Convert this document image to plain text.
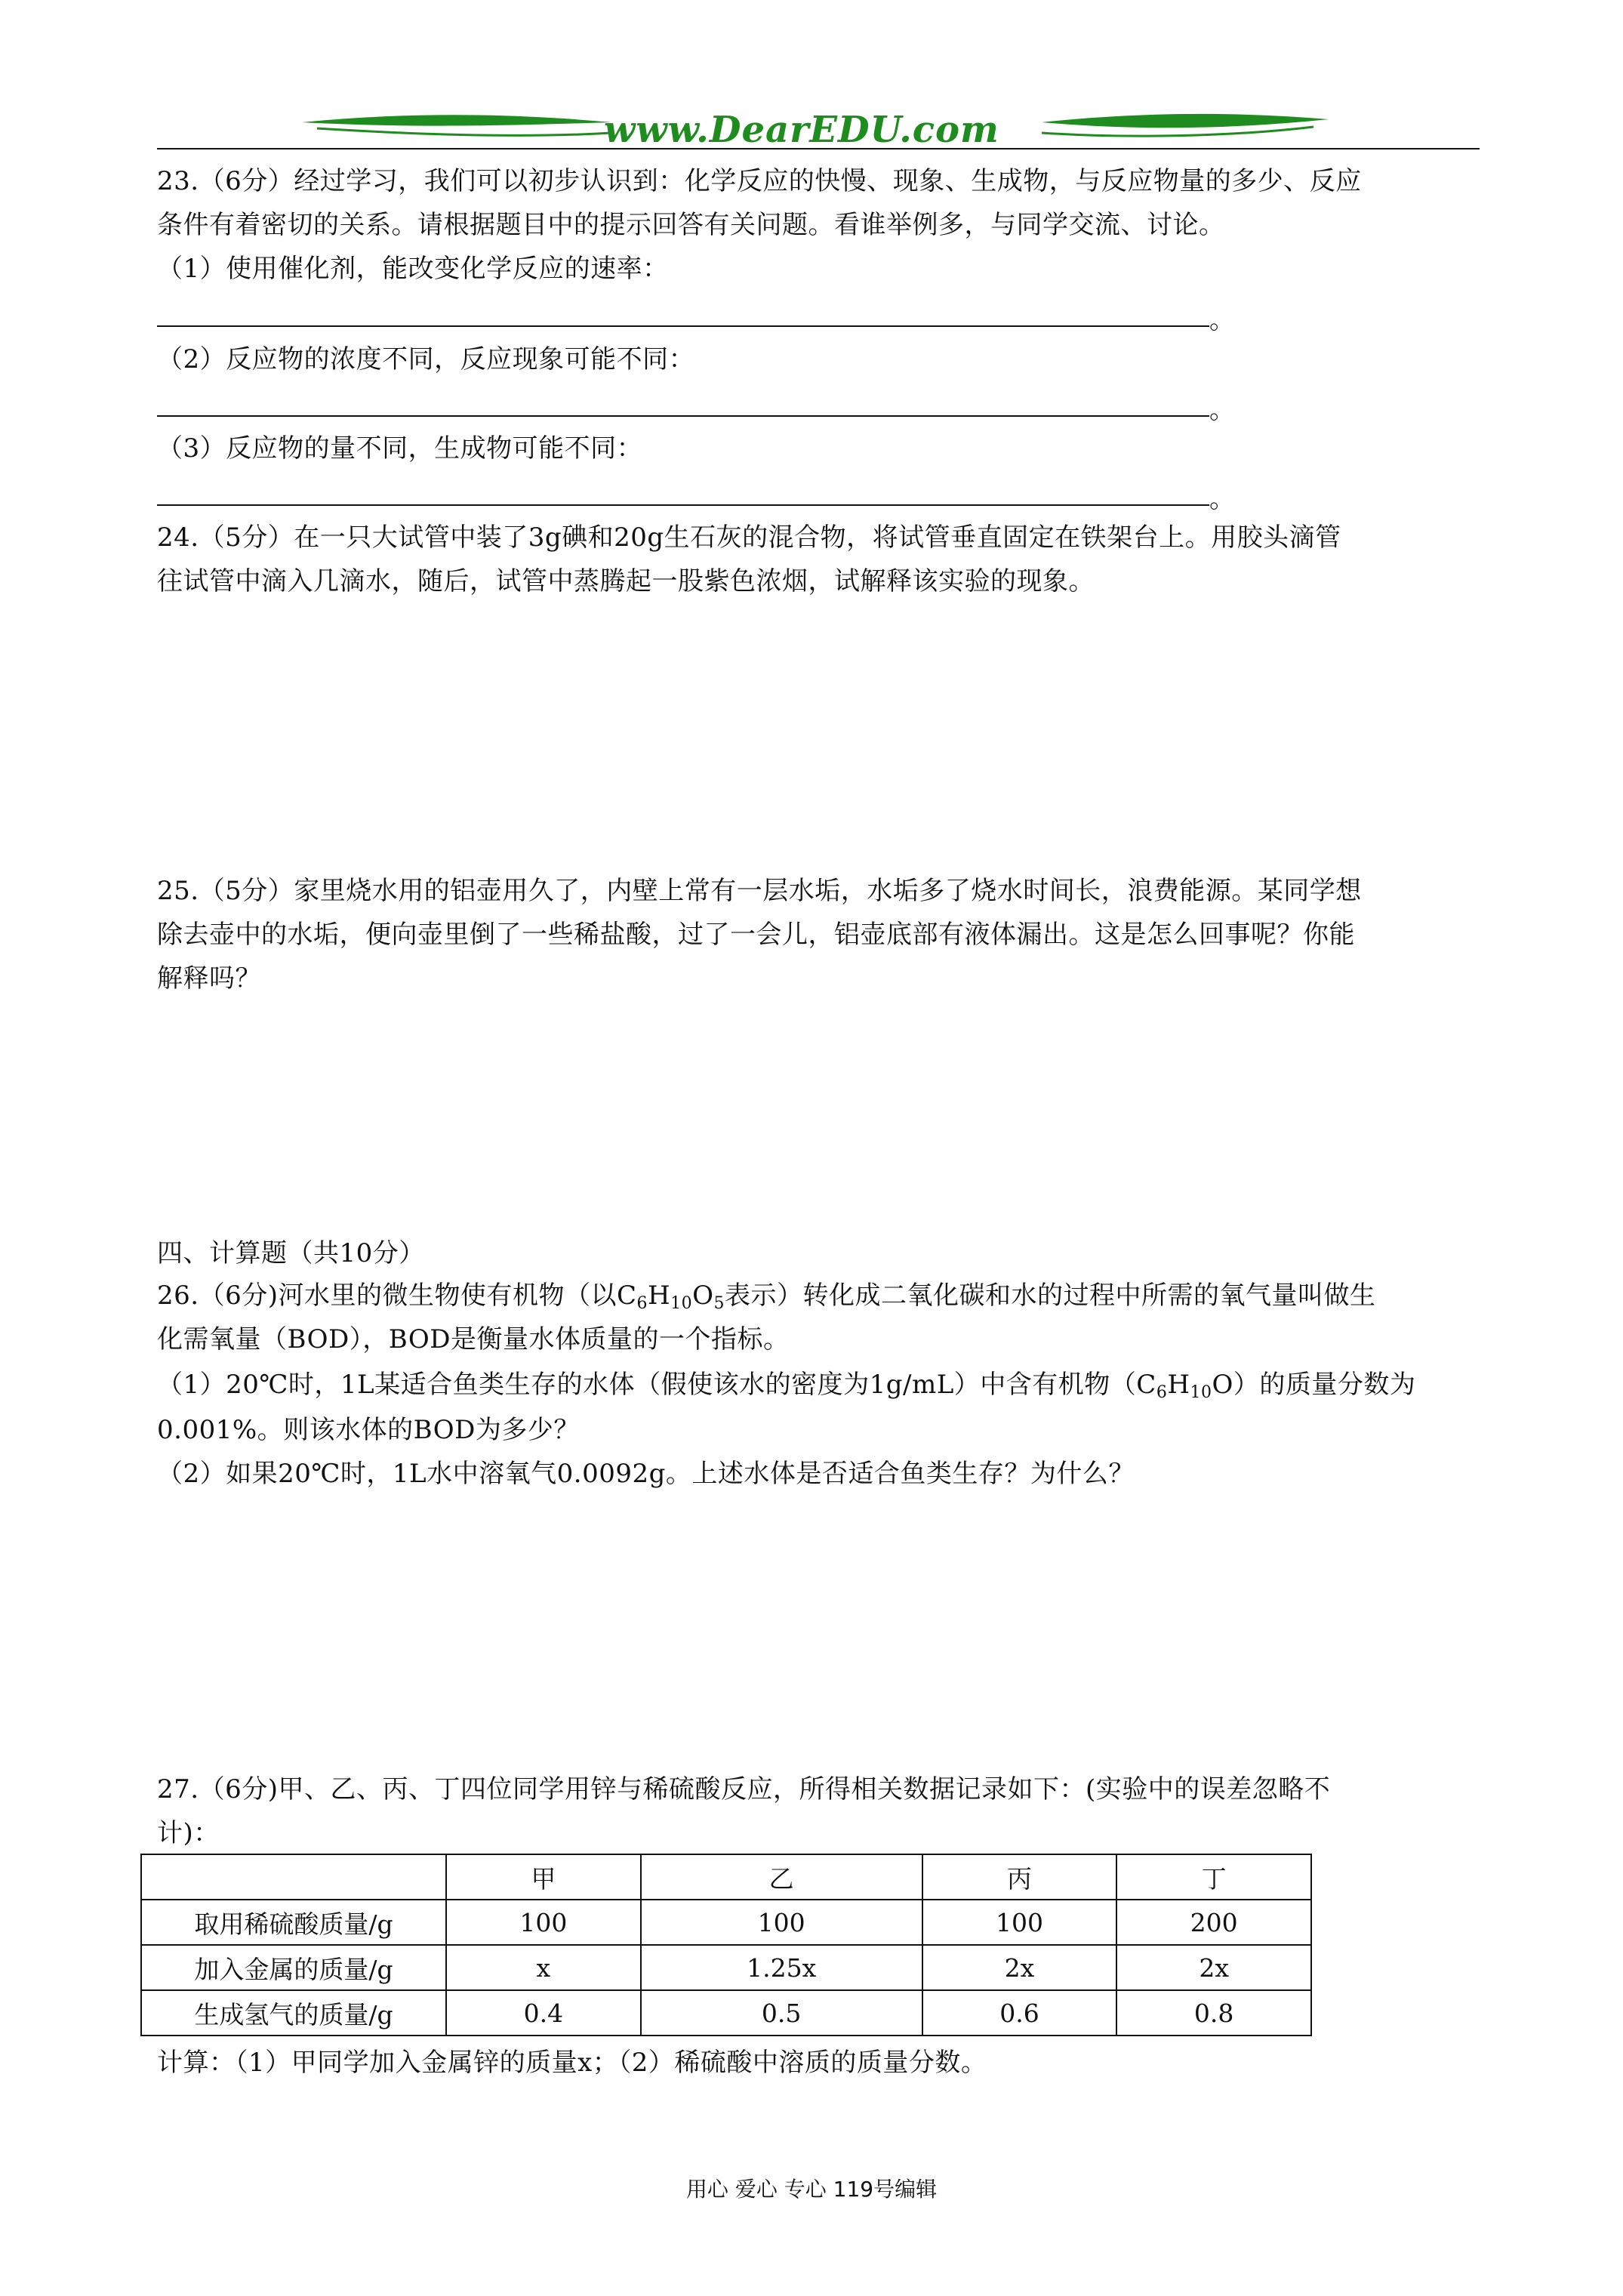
www.DearEDU.com
23.（6分）经过学习，我们可以初步认识到：化学反应的快慢、现象、生成物，与反应物量的多少、反应
条件有着密切的关系。请根据题目中的提示回答有关问题。看谁举例多，与同学交流、讨论。
（1）使用催化剂，能改变化学反应的速率：
。
（2）反应物的浓度不同，反应现象可能不同：
。
（3）反应物的量不同，生成物可能不同：
。
24.（5分）在一只大试管中装了3g碘和20g生石灰的混合物，将试管垂直固定在铁架台上。用胶头滴管
往试管中滴入几滴水，随后，试管中蒸腾起一股紫色浓烟，试解释该实验的现象。
25.（5分）家里烧水用的铝壶用久了，内壁上常有一层水垢，水垢多了烧水时间长，浪费能源。某同学想
除去壶中的水垢，便向壶里倒了一些稀盐酸，过了一会儿，铝壶底部有液体漏出。这是怎么回事呢？你能
解释吗？
四、计算题（共10分）
26.（6分)河水里的微生物使有机物（以$C_6H_{10}O_5$表示）转化成二氧化碳和水的过程中所需的氧气量叫做生
化需氧量（BOD），BOD是衡量水体质量的一个指标。
（1）20℃时，1L某适合鱼类生存的水体（假使该水的密度为1g/mL）中含有机物$(C_6H_{10}O)$的质量分数为
0.001%。则该水体的BOD为多少？
（2）如果20℃时，1L水中溶氧气0.0092g。上述水体是否适合鱼类生存？为什么？
27.（6分)甲、乙、丙、丁四位同学用锌与稀硫酸反应，所得相关数据记录如下：(实验中的误差忽略不
计)：
	甲	乙	丙	丁
取用稀硫酸质量/g	100	100	100	200
加入金属的质量/g	x	1.25x	2x	2x
生成氢气的质量/g	0.4	0.5	0.6	0.8
计算：（1）甲同学加入金属锌的质量x；（2）稀硫酸中溶质的质量分数。
用心 爱心 专心 119号编辑
